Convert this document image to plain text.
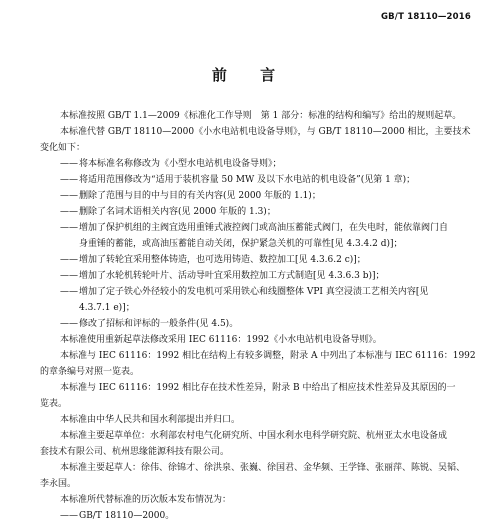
GB/T 18110—2016
前 言

本标准按照 GB/T 1.1—2009《标准化工作导则　第 1 部分：标准的结构和编写》给出的规则起草。

本标准代替 GB/T 18110—2000《小水电站机电设备导则》，与 GB/T 18110—2000 相比，主要技术

变化如下：

——将本标准名称修改为《小型水电站机电设备导则》；

——将适用范围修改为“适用于装机容量 50 MW 及以下水电站的机电设备”(见第 1 章)；

——删除了范围与目的中与目的有关内容(见 2000 年版的 1.1)；

——删除了名词术语相关内容(见 2000 年版的 1.3)；

——增加了保护机组的主阀宜选用重锤式液控阀门或高油压蓄能式阀门，在失电时，能依靠阀门自

身重锤的蓄能，或高油压蓄能自动关闭，保护紧急关机的可靠性[见 4.3.4.2 d)]；

——增加了转轮宜采用整体铸造，也可选用铸造、数控加工[见 4.3.6.2 c)]；

——增加了水轮机转轮叶片、活动导叶宜采用数控加工方式制造[见 4.3.6.3 b)]；

——增加了定子铁心外径较小的发电机可采用铁心和线圈整体 VPI 真空浸渍工艺相关内容[见

4.3.7.1 e)]；

——修改了招标和评标的一般条件(见 4.5)。

本标准使用重新起草法修改采用 IEC 61116：1992《小水电站机电设备导则》。

本标准与 IEC 61116：1992 相比在结构上有较多调整，附录 A 中列出了本标准与 IEC 61116：1992

的章条编号对照一览表。

本标准与 IEC 61116：1992 相比存在技术性差异，附录 B 中给出了相应技术性差异及其原因的一

览表。

本标准由中华人民共和国水利部提出并归口。

本标准主要起草单位：水利部农村电气化研究所、中国水利水电科学研究院、杭州亚太水电设备成

套技术有限公司、杭州思缘能源科技有限公司。

本标准主要起草人：徐伟、徐锦才、徐洪泉、张巍、徐国君、金华频、王学锋、张丽萍、陈锐、吴韬、

李永国。

本标准所代替标准的历次版本发布情况为：

——GB/T 18110—2000。
